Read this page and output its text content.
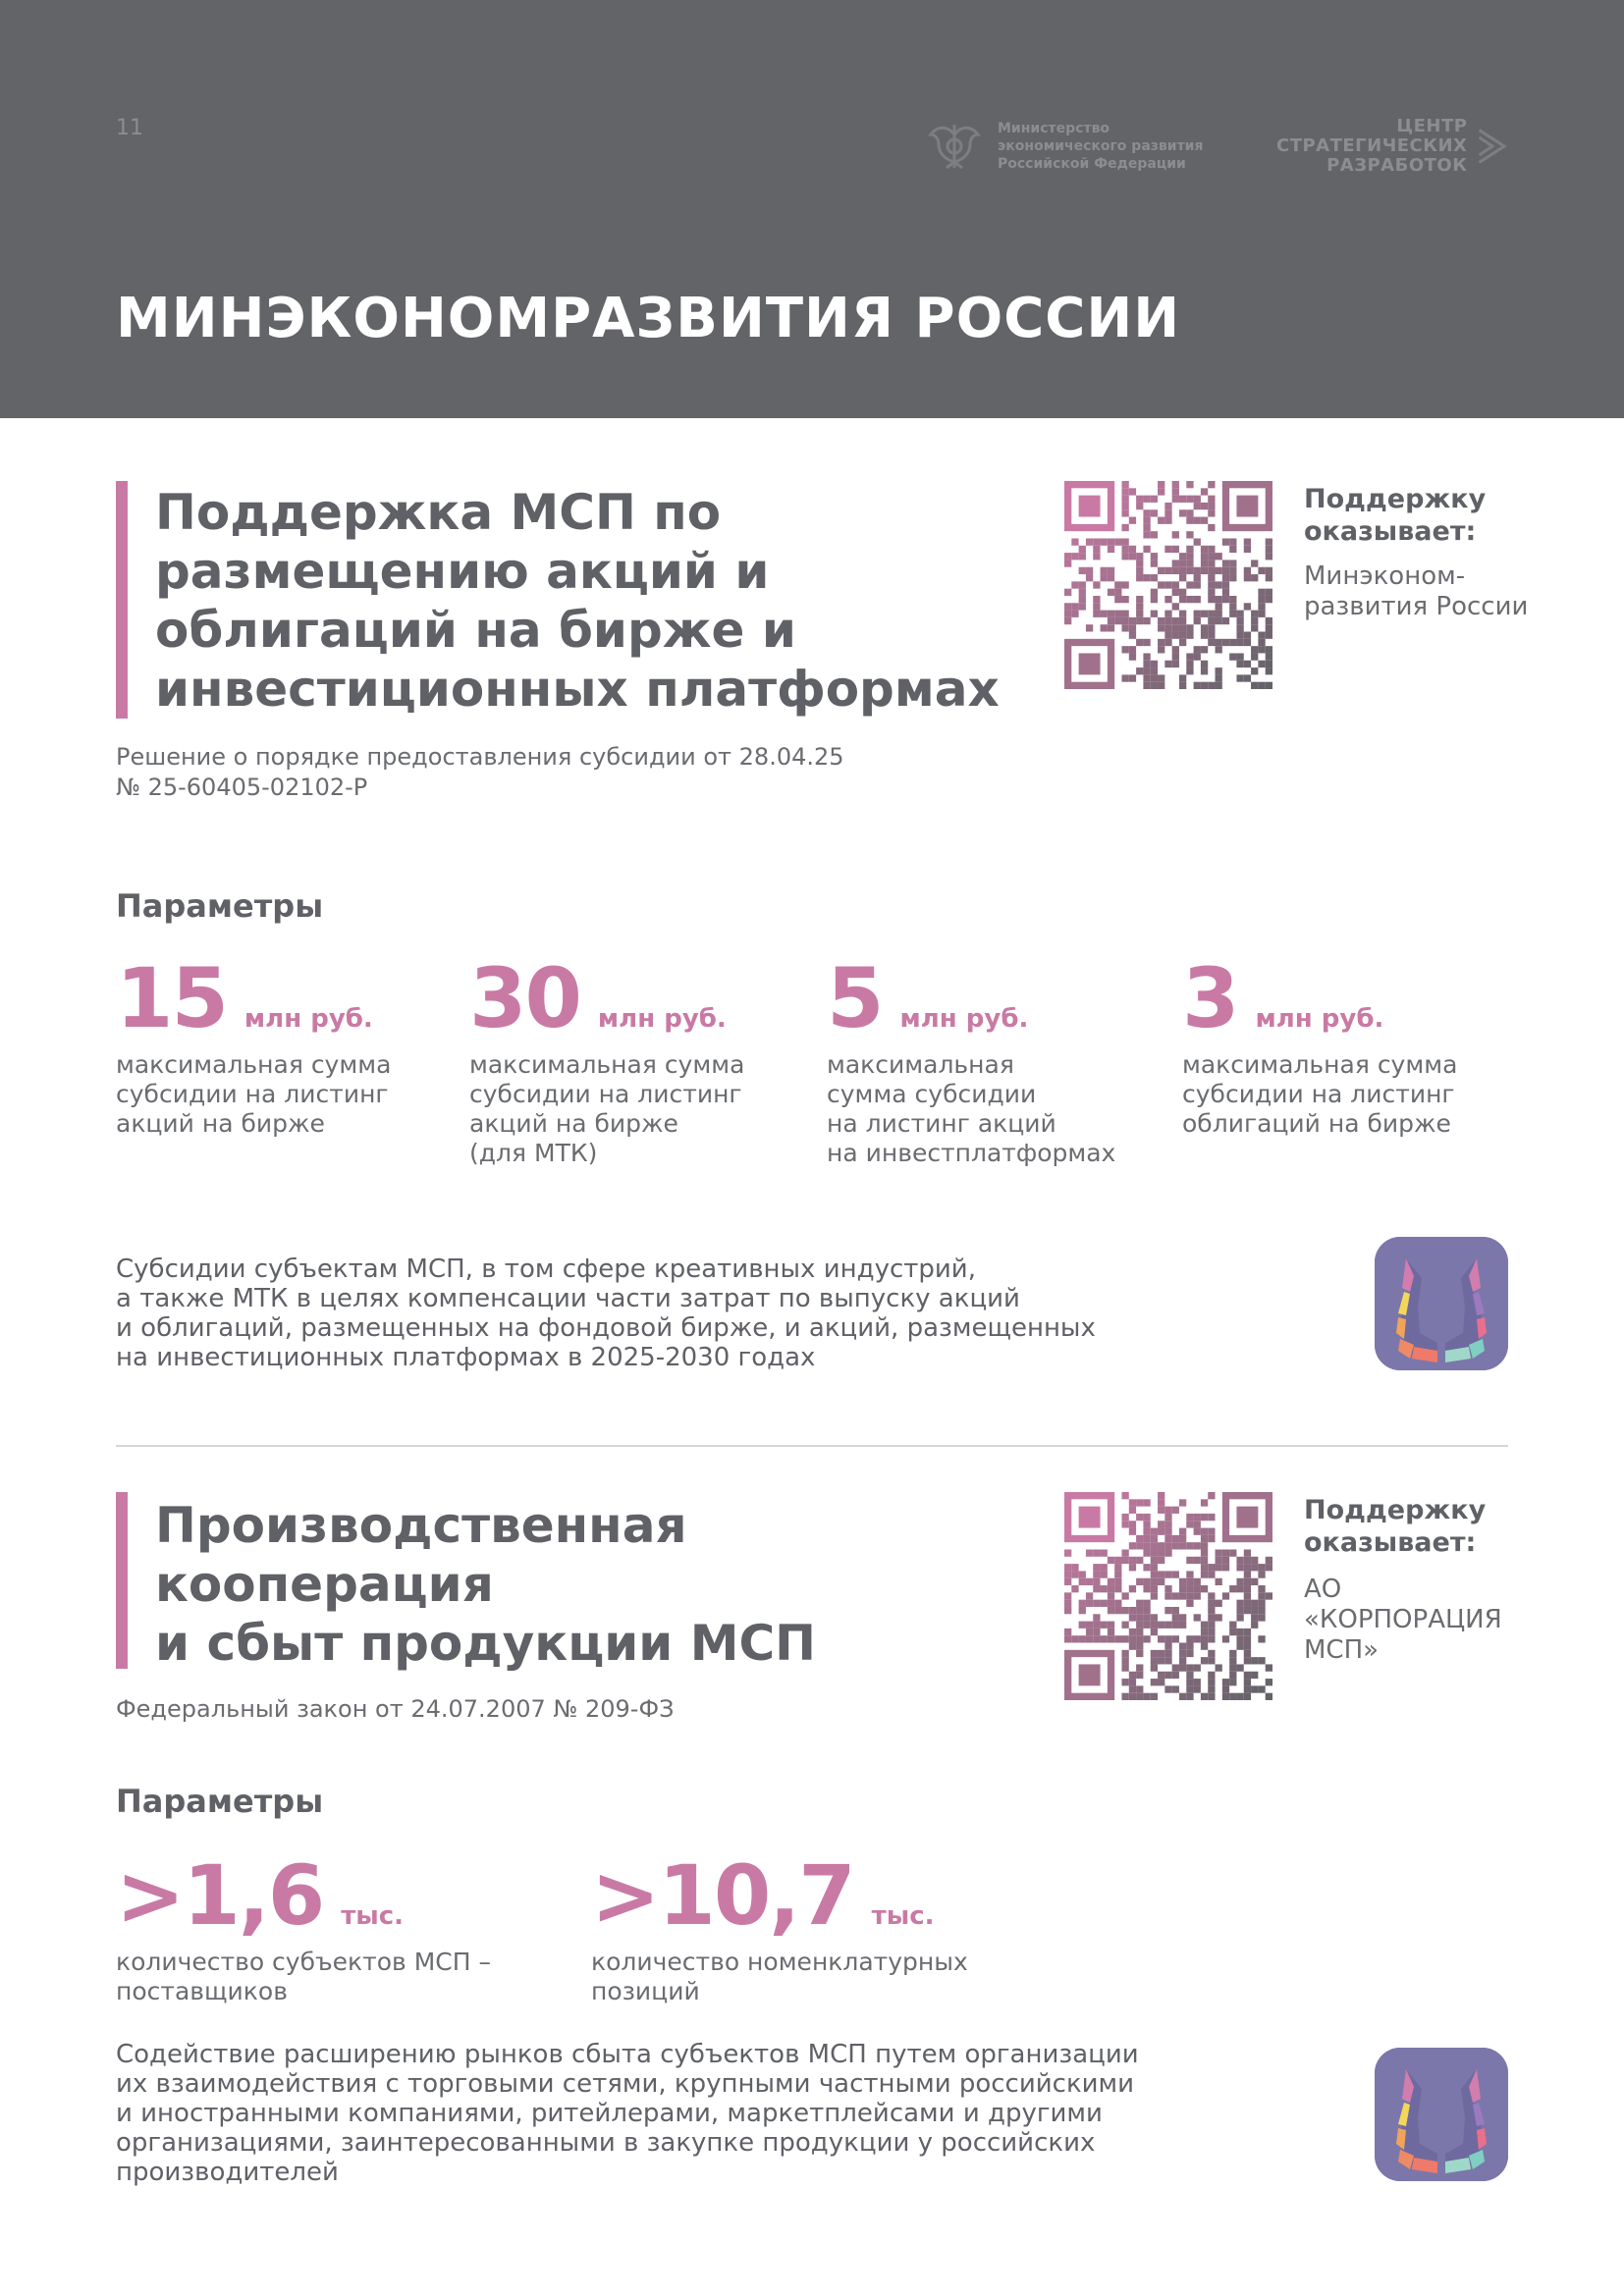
11	Министерство
экономического развития
Российской Федерации
ЦЕНТР
СТРАТЕГИЧЕСКИХ
РАЗРАБОТОК
МИНЭКОНОМРАЗВИТИЯ РОССИИ
Поддержка МСП по
размещению акций и
облигаций на бирже и
инвестиционных платформах
Решение о порядке предоставления субсидии от 28.04.25
№ 25-60405-02102-Р
Поддержку
оказывает:
Минэконом-
развития России
Параметры
15 млн руб.
максимальная сумма
субсидии на листинг
акций на бирже
30 млн руб.
максимальная сумма
субсидии на листинг
акций на бирже
(для МТК)
5 млн руб.
максимальная
сумма субсидии
на листинг акций
на инвестплатформах
3 млн руб.
максимальная сумма
субсидии на листинг
облигаций на бирже
Субсидии субъектам МСП, в том сфере креативных индустрий,
а также МТК в целях компенсации части затрат по выпуску акций
и облигаций, размещенных на фондовой бирже, и акций, размещенных
на инвестиционных платформах в 2025-2030 годах
Производственная
кооперация
и сбыт продукции МСП
Федеральный закон от 24.07.2007 № 209-ФЗ
Поддержку
оказывает:
АО
«КОРПОРАЦИЯ
МСП»
Параметры
>1,6 тыс.
количество субъектов МСП –
поставщиков
>10,7 тыс.
количество номенклатурных
позиций
Содействие расширению рынков сбыта субъектов МСП путем организации
их взаимодействия с торговыми сетями, крупными частными российскими
и иностранными компаниями, ритейлерами, маркетплейсами и другими
организациями, заинтересованными в закупке продукции у российских
производителей
